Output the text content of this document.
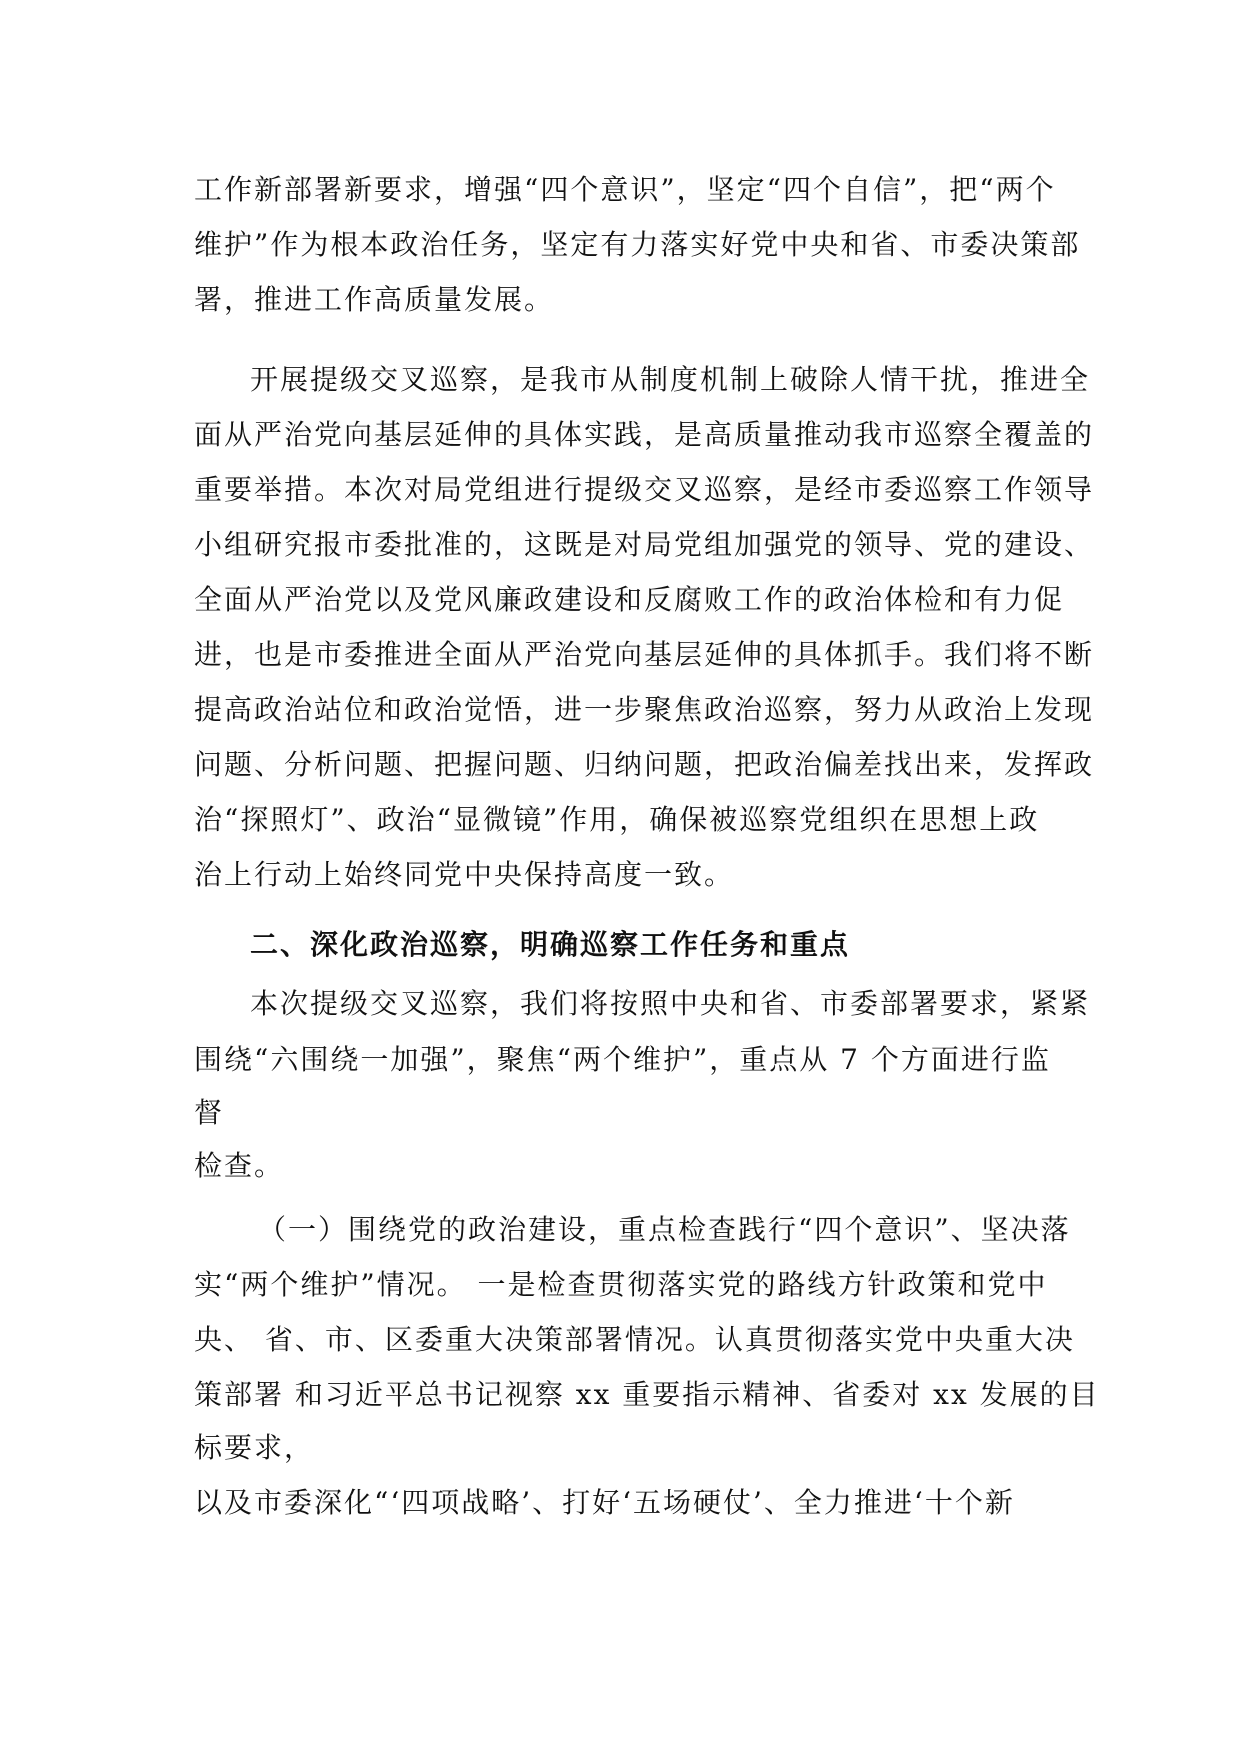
工作新部署新要求，增强“四个意识”，坚定“四个自信”，把“两个
维护”作为根本政治任务，坚定有力落实好党中央和省、市委决策部
署，推进工作高质量发展。
开展提级交叉巡察，是我市从制度机制上破除人情干扰，推进全
面从严治党向基层延伸的具体实践，是高质量推动我市巡察全覆盖的
重要举措。本次对局党组进行提级交叉巡察，是经市委巡察工作领导
小组研究报市委批准的，这既是对局党组加强党的领导、党的建设、
全面从严治党以及党风廉政建设和反腐败工作的政治体检和有力促
进，也是市委推进全面从严治党向基层延伸的具体抓手。我们将不断
提高政治站位和政治觉悟，进一步聚焦政治巡察，努力从政治上发现
问题、分析问题、把握问题、归纳问题，把政治偏差找出来，发挥政
治“探照灯”、政治“显微镜”作用，确保被巡察党组织在思想上政
治上行动上始终同党中央保持高度一致。
二、深化政治巡察，明确巡察工作任务和重点
本次提级交叉巡察，我们将按照中央和省、市委部署要求，紧紧
围绕“六围绕一加强”，聚焦“两个维护”，重点从 7 个方面进行监
督
检查。
（一）围绕党的政治建设，重点检查践行“四个意识”、坚决落
实“两个维护”情况。 一是检查贯彻落实党的路线方针政策和党中
央、 省、市、区委重大决策部署情况。认真贯彻落实党中央重大决
策部署 和习近平总书记视察 xx 重要指示精神、省委对 xx 发展的目
标要求，
以及市委深化“‘四项战略’、打好‘五场硬仗’、全力推进‘十个新
